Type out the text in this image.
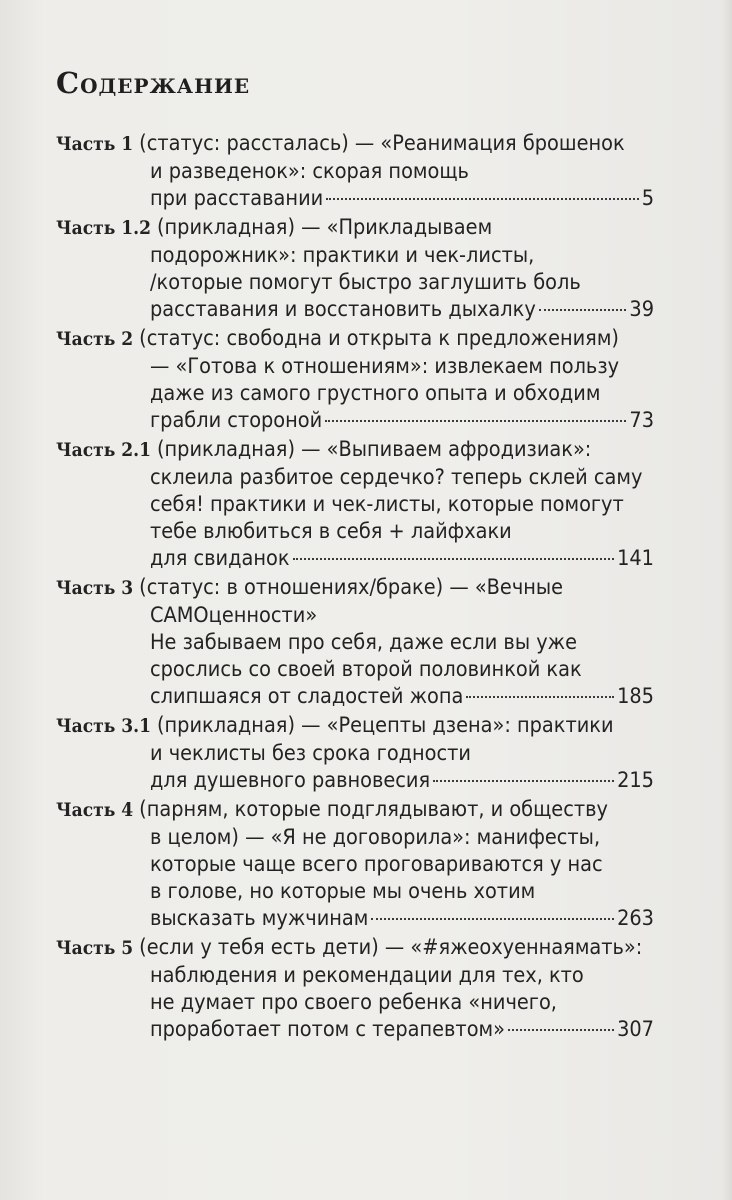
Содержание
Часть 1 (статус: рассталась) — «Реанимация брошенок
и разведенок»: скорая помощь
при расставании	5
Часть 1.2 (прикладная) — «Прикладываем
подорожник»: практики и чек-листы,
/которые помогут быстро заглушить боль
расставания и восстановить дыхалку	39
Часть 2 (статус: свободна и открыта к предложениям)
— «Готова к отношениям»: извлекаем пользу
даже из самого грустного опыта и обходим
грабли стороной	73
Часть 2.1 (прикладная) — «Выпиваем афродизиак»:
склеила разбитое сердечко? теперь склей саму
себя! практики и чек-листы, которые помогут
тебе влюбиться в себя + лайфхаки
для свиданок	141
Часть 3 (статус: в отношениях/браке) — «Вечные
САМОценности»
Не забываем про себя, даже если вы уже
срослись со своей второй половинкой как
слипшаяся от сладостей жопа	185
Часть 3.1 (прикладная) — «Рецепты дзена»: практики
и чеклисты без срока годности
для душевного равновесия	215
Часть 4 (парням, которые подглядывают, и обществу
в целом) — «Я не договорила»: манифесты,
которые чаще всего проговариваются у нас
в голове, но которые мы очень хотим
высказать мужчинам	263
Часть 5 (если у тебя есть дети) — «#яжеохуеннаямать»:
наблюдения и рекомендации для тех, кто
не думает про своего ребенка «ничего,
проработает потом с терапевтом»	307
